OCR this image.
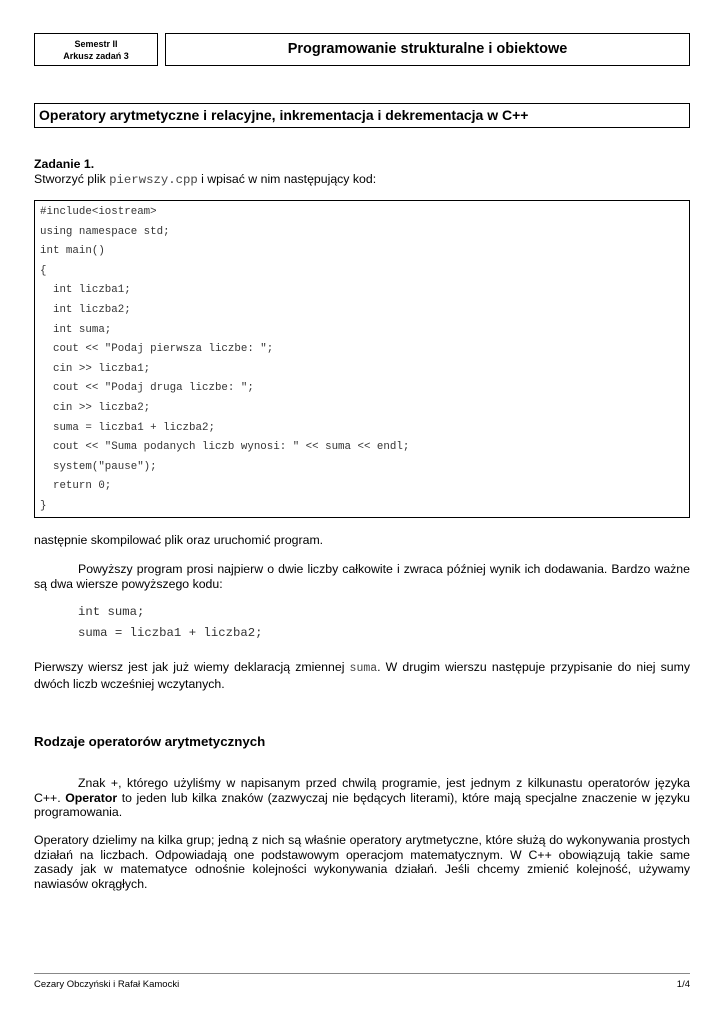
Semestr II
Arkusz zadań 3	Programowanie strukturalne i obiektowe
Operatory arytmetyczne i relacyjne, inkrementacja i dekrementacja w C++
Zadanie 1.
Stworzyć plik pierwszy.cpp i wpisać w nim następujący kod:
#include<iostream>
using namespace std;
int main()
{
int liczba1;
int liczba2;
int suma;
cout << "Podaj pierwsza liczbe: ";
cin >> liczba1;
cout << "Podaj druga liczbe: ";
cin >> liczba2;
suma = liczba1 + liczba2;
cout << "Suma podanych liczb wynosi: " << suma << endl;
system("pause");
return 0;
}
następnie skompilować plik oraz uruchomić program.
Powyższy program prosi najpierw o dwie liczby całkowite i zwraca później wynik ich dodawania. Bardzo ważne są dwa wiersze powyższego kodu:
int suma;
suma = liczba1 + liczba2;
Pierwszy wiersz jest jak już wiemy deklaracją zmiennej suma. W drugim wierszu następuje przypisanie do niej sumy dwóch liczb wcześniej wczytanych.
Rodzaje operatorów arytmetycznych
Znak +, którego użyliśmy w napisanym przed chwilą programie, jest jednym z kilkunastu operatorów języka C++. Operator to jeden lub kilka znaków (zazwyczaj nie będących literami), które mają specjalne znaczenie w języku programowania.
Operatory dzielimy na kilka grup; jedną z nich są właśnie operatory arytmetyczne, które służą do wykonywania prostych działań na liczbach. Odpowiadają one podstawowym operacjom matematycznym. W C++ obowiązują takie same zasady jak w matematyce odnośnie kolejności wykonywania działań. Jeśli chcemy zmienić kolejność, używamy nawiasów okrągłych.
Cezary Obczyński i Rafał Kamocki	1/4
